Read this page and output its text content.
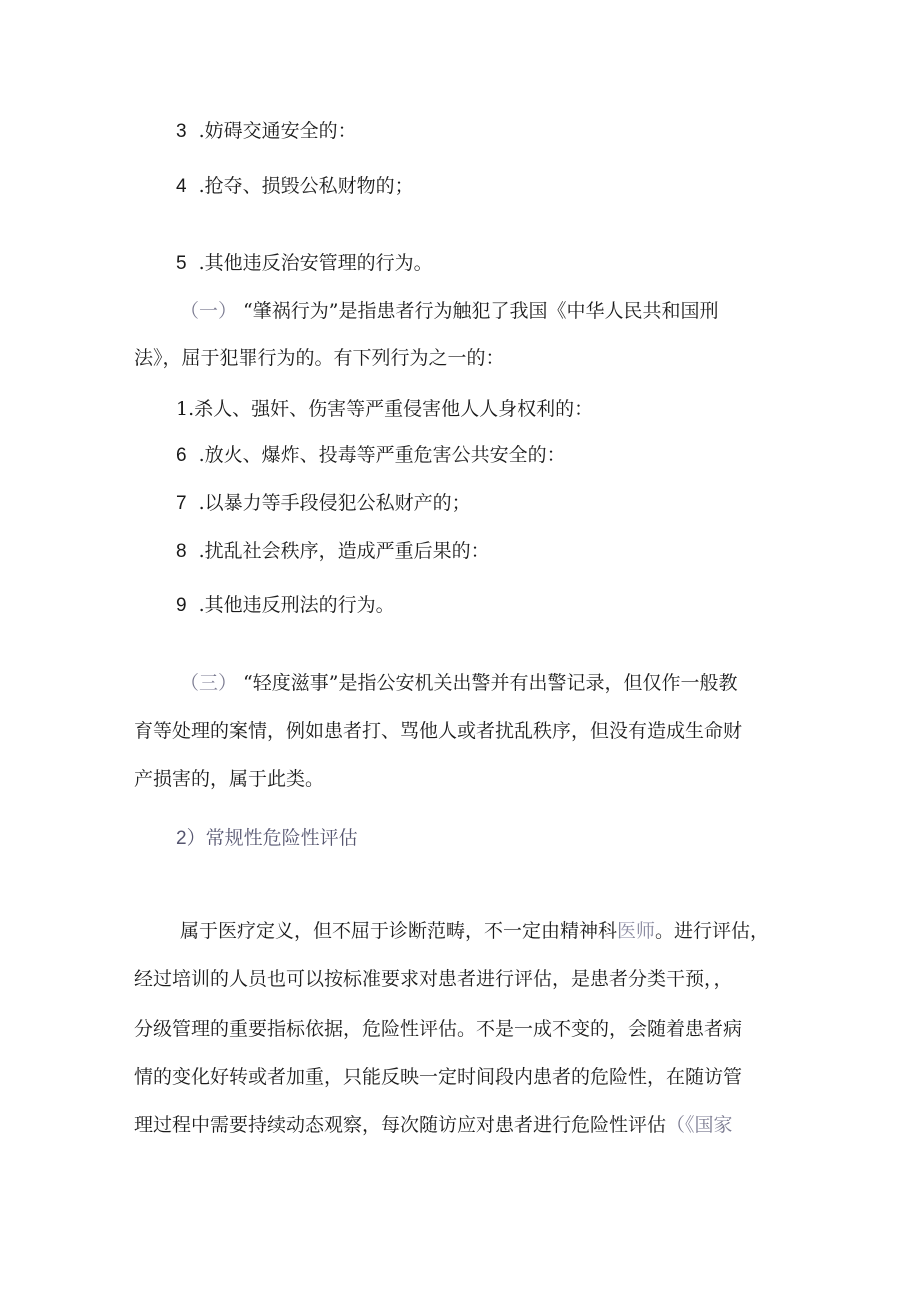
3 .妨碍交通安全的：
4 .抢夺、损毁公私财物的；
5 .其他违反治安管理的行为。
（一） “肇祸行为”是指患者行为触犯了我国《中华人民共和国刑
法》，屈于犯罪行为的。有下列行为之一的：
1.杀人、强奸、伤害等严重侵害他人人身权利的：
6 .放火、爆炸、投毒等严重危害公共安全的：
7 .以暴力等手段侵犯公私财产的；
8 .扰乱社会秩序，造成严重后果的：
9 .其他违反刑法的行为。
（三） “轻度滋事”是指公安机关出警并有出警记录，但仅作一般教
育等处理的案情，例如患者打、骂他人或者扰乱秩序，但没有造成生命财
产损害的，属于此类。
2）常规性危险性评估
属于医疗定义，但不屈于诊断范畴，不一定由精神科医师。进行评估，
经过培训的人员也可以按标准要求对患者进行评估，是患者分类干预，，
分级管理的重要指标依据，危险性评估。不是一成不变的，会随着患者病
情的变化好转或者加重，只能反映一定时间段内患者的危险性，在随访管
理过程中需要持续动态观察，每次随访应对患者进行危险性评估（《国家
